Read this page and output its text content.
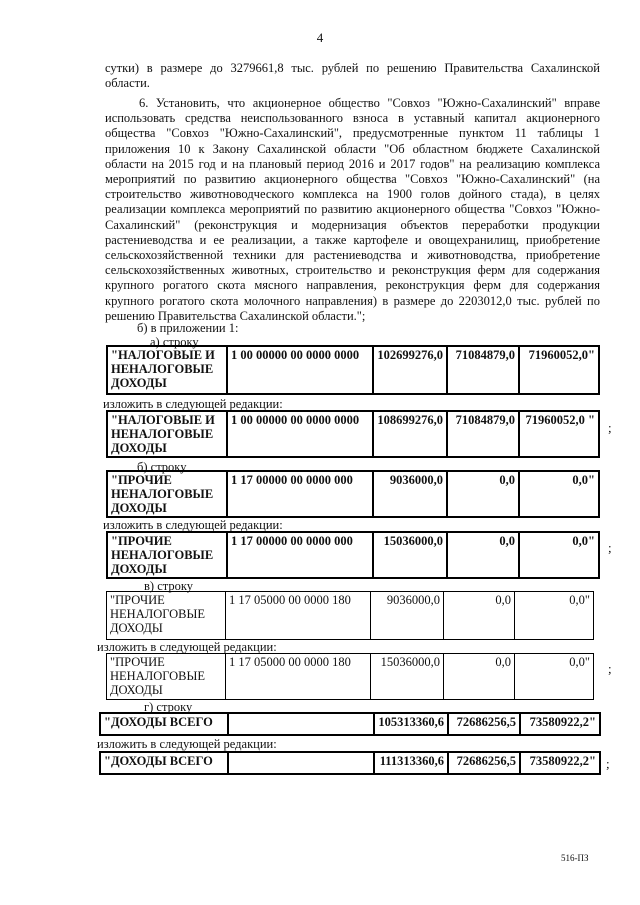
4
сутки) в размере до 3279661,8 тыс. рублей по решению Правительства Сахалинской области.
6. Установить, что акционерное общество "Совхоз "Южно-Сахалинский" вправе использовать средства неиспользованного взноса в уставный капитал акционерного общества "Совхоз "Южно-Сахалинский", предусмотренные пунктом 11 таблицы 1 приложения 10 к Закону Сахалинской области "Об областном бюджете Сахалинской области на 2015 год и на плановый период 2016 и 2017 годов" на реализацию комплекса мероприятий по развитию акционерного общества "Совхоз "Южно-Сахалинский" (на строительство животноводческого комплекса на 1900 голов дойного стада), в целях реализации комплекса мероприятий по развитию акционерного общества "Совхоз "Южно-Сахалинский" (реконструкция и модернизация объектов переработки продукции растениеводства и ее реализации, а также картофеле и овощехранилищ, приобретение сельскохозяйственной техники для растениеводства и животноводства, приобретение сельскохозяйственных животных, строительство и реконструкция ферм для содержания крупного рогатого скота мясного направления, реконструкция ферм для содержания крупного рогатого скота молочного направления) в размере до 2203012,0 тыс. рублей по решению Правительства Сахалинской области.";
б) в приложении 1:
а) строку
"НАЛОГОВЫЕ И НЕНАЛОГОВЫЕ ДОХОДЫ	1 00 00000 00 0000 0000	102699276,0	71084879,0	71960052,0"
изложить в следующей редакции:
"НАЛОГОВЫЕ И НЕНАЛОГОВЫЕ ДОХОДЫ	1 00 00000 00 0000 0000	108699276,0	71084879,0	71960052,0 " ;
б) строку
"ПРОЧИЕ НЕНАЛОГОВЫЕ ДОХОДЫ	1 17 00000 00 0000 000	9036000,0	0,0	0,0"
изложить в следующей редакции:
"ПРОЧИЕ НЕНАЛОГОВЫЕ ДОХОДЫ	1 17 00000 00 0000 000	15036000,0	0,0	0,0" ;
в) строку
"ПРОЧИЕ НЕНАЛОГОВЫЕ ДОХОДЫ	1 17 05000 00 0000 180	9036000,0	0,0	0,0"
изложить в следующей редакции:
"ПРОЧИЕ НЕНАЛОГОВЫЕ ДОХОДЫ	1 17 05000 00 0000 180	15036000,0	0,0	0,0" ;
г) строку
"ДОХОДЫ ВСЕГО		105313360,6	72686256,5	73580922,2"
изложить в следующей редакции:
"ДОХОДЫ ВСЕГО		111313360,6	72686256,5	73580922,2" ;
516-ПЗ
